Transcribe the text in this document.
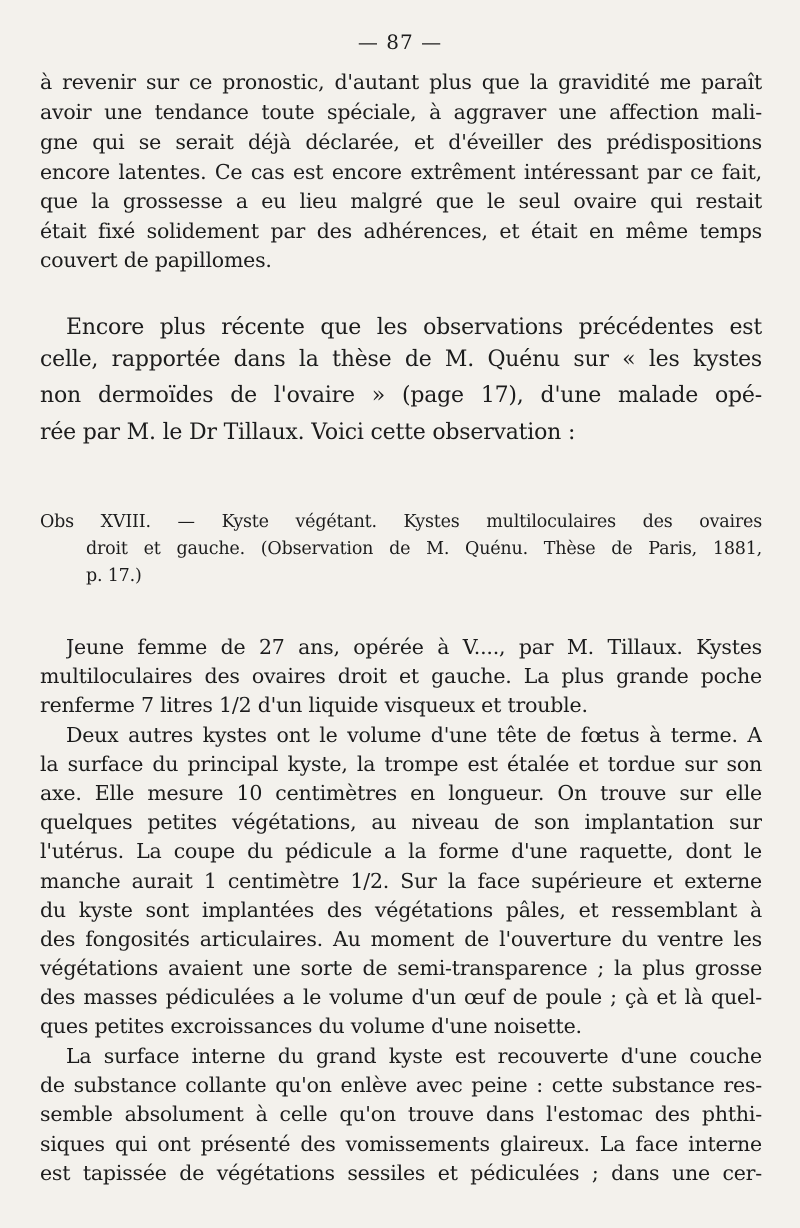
— 87 —
à revenir sur ce pronostic, d'autant plus que la gravidité me paraît
avoir une tendance toute spéciale, à aggraver une affection mali-
gne qui se serait déjà déclarée, et d'éveiller des prédispositions
encore latentes. Ce cas est encore extrêment intéressant par ce fait,
que la grossesse a eu lieu malgré que le seul ovaire qui restait
était fixé solidement par des adhérences, et était en même temps
couvert de papillomes.
Encore plus récente que les observations précédentes est
celle, rapportée dans la thèse de M. Quénu sur « les kystes
non dermoïdes de l'ovaire » (page 17), d'une malade opé-
rée par M. le Dr Tillaux. Voici cette observation :
Obs XVIII. — Kyste végétant. Kystes multiloculaires des ovaires
droit et gauche. (Observation de M. Quénu. Thèse de Paris, 1881,
p. 17.)
Jeune femme de 27 ans, opérée à V...., par M. Tillaux. Kystes
multiloculaires des ovaires droit et gauche. La plus grande poche
renferme 7 litres 1/2 d'un liquide visqueux et trouble.
Deux autres kystes ont le volume d'une tête de fœtus à terme. A
la surface du principal kyste, la trompe est étalée et tordue sur son
axe. Elle mesure 10 centimètres en longueur. On trouve sur elle
quelques petites végétations, au niveau de son implantation sur
l'utérus. La coupe du pédicule a la forme d'une raquette, dont le
manche aurait 1 centimètre 1/2. Sur la face supérieure et externe
du kyste sont implantées des végétations pâles, et ressemblant à
des fongosités articulaires. Au moment de l'ouverture du ventre les
végétations avaient une sorte de semi-transparence ; la plus grosse
des masses pédiculées a le volume d'un œuf de poule ; çà et là quel-
ques petites excroissances du volume d'une noisette.
La surface interne du grand kyste est recouverte d'une couche
de substance collante qu'on enlève avec peine : cette substance res-
semble absolument à celle qu'on trouve dans l'estomac des phthi-
siques qui ont présenté des vomissements glaireux. La face interne
est tapissée de végétations sessiles et pédiculées ; dans une cer-
